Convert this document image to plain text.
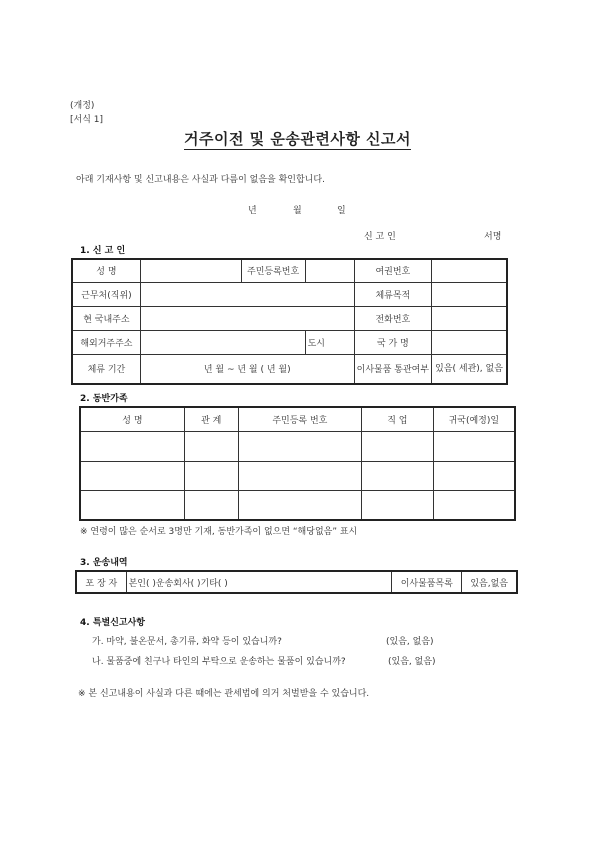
(개정)
[서식 1]
거주이전 및 운송관련사항 신고서
아래 기재사항 및 신고내용은 사실과 다름이 없음을 확인합니다.
년	월	일
신 고 인	서명
1. 신 고 인
성 명		주민등록번호		여권번호	
근무처(직위)				체류목적	
현 국내주소				전화번호	
해외거주주소			도시	국 가 명	
체류 기간	년 월 ~ 년 월 ( 년 월)			이사물품 통관여부	있음( 세관), 없음
2. 동반가족
성 명	관 계	주민등록 번호	직 업	귀국(예정)일

※ 연령이 많은 순서로 3명만 기재, 동반가족이 없으면 “해당없음” 표시
3. 운송내역
포 장 자	본인( )운송회사( )기타( )	이사물품목록	있음,없음
4. 특별신고사항
가. 마약, 불온문서, 총기류, 화약 등이 있습니까?	(있음, 없음)
나. 물품중에 친구나 타인의 부탁으로 운송하는 물품이 있습니까?	(있음, 없음)
※ 본 신고내용이 사실과 다른 때에는 관세법에 의거 처벌받을 수 있습니다.
